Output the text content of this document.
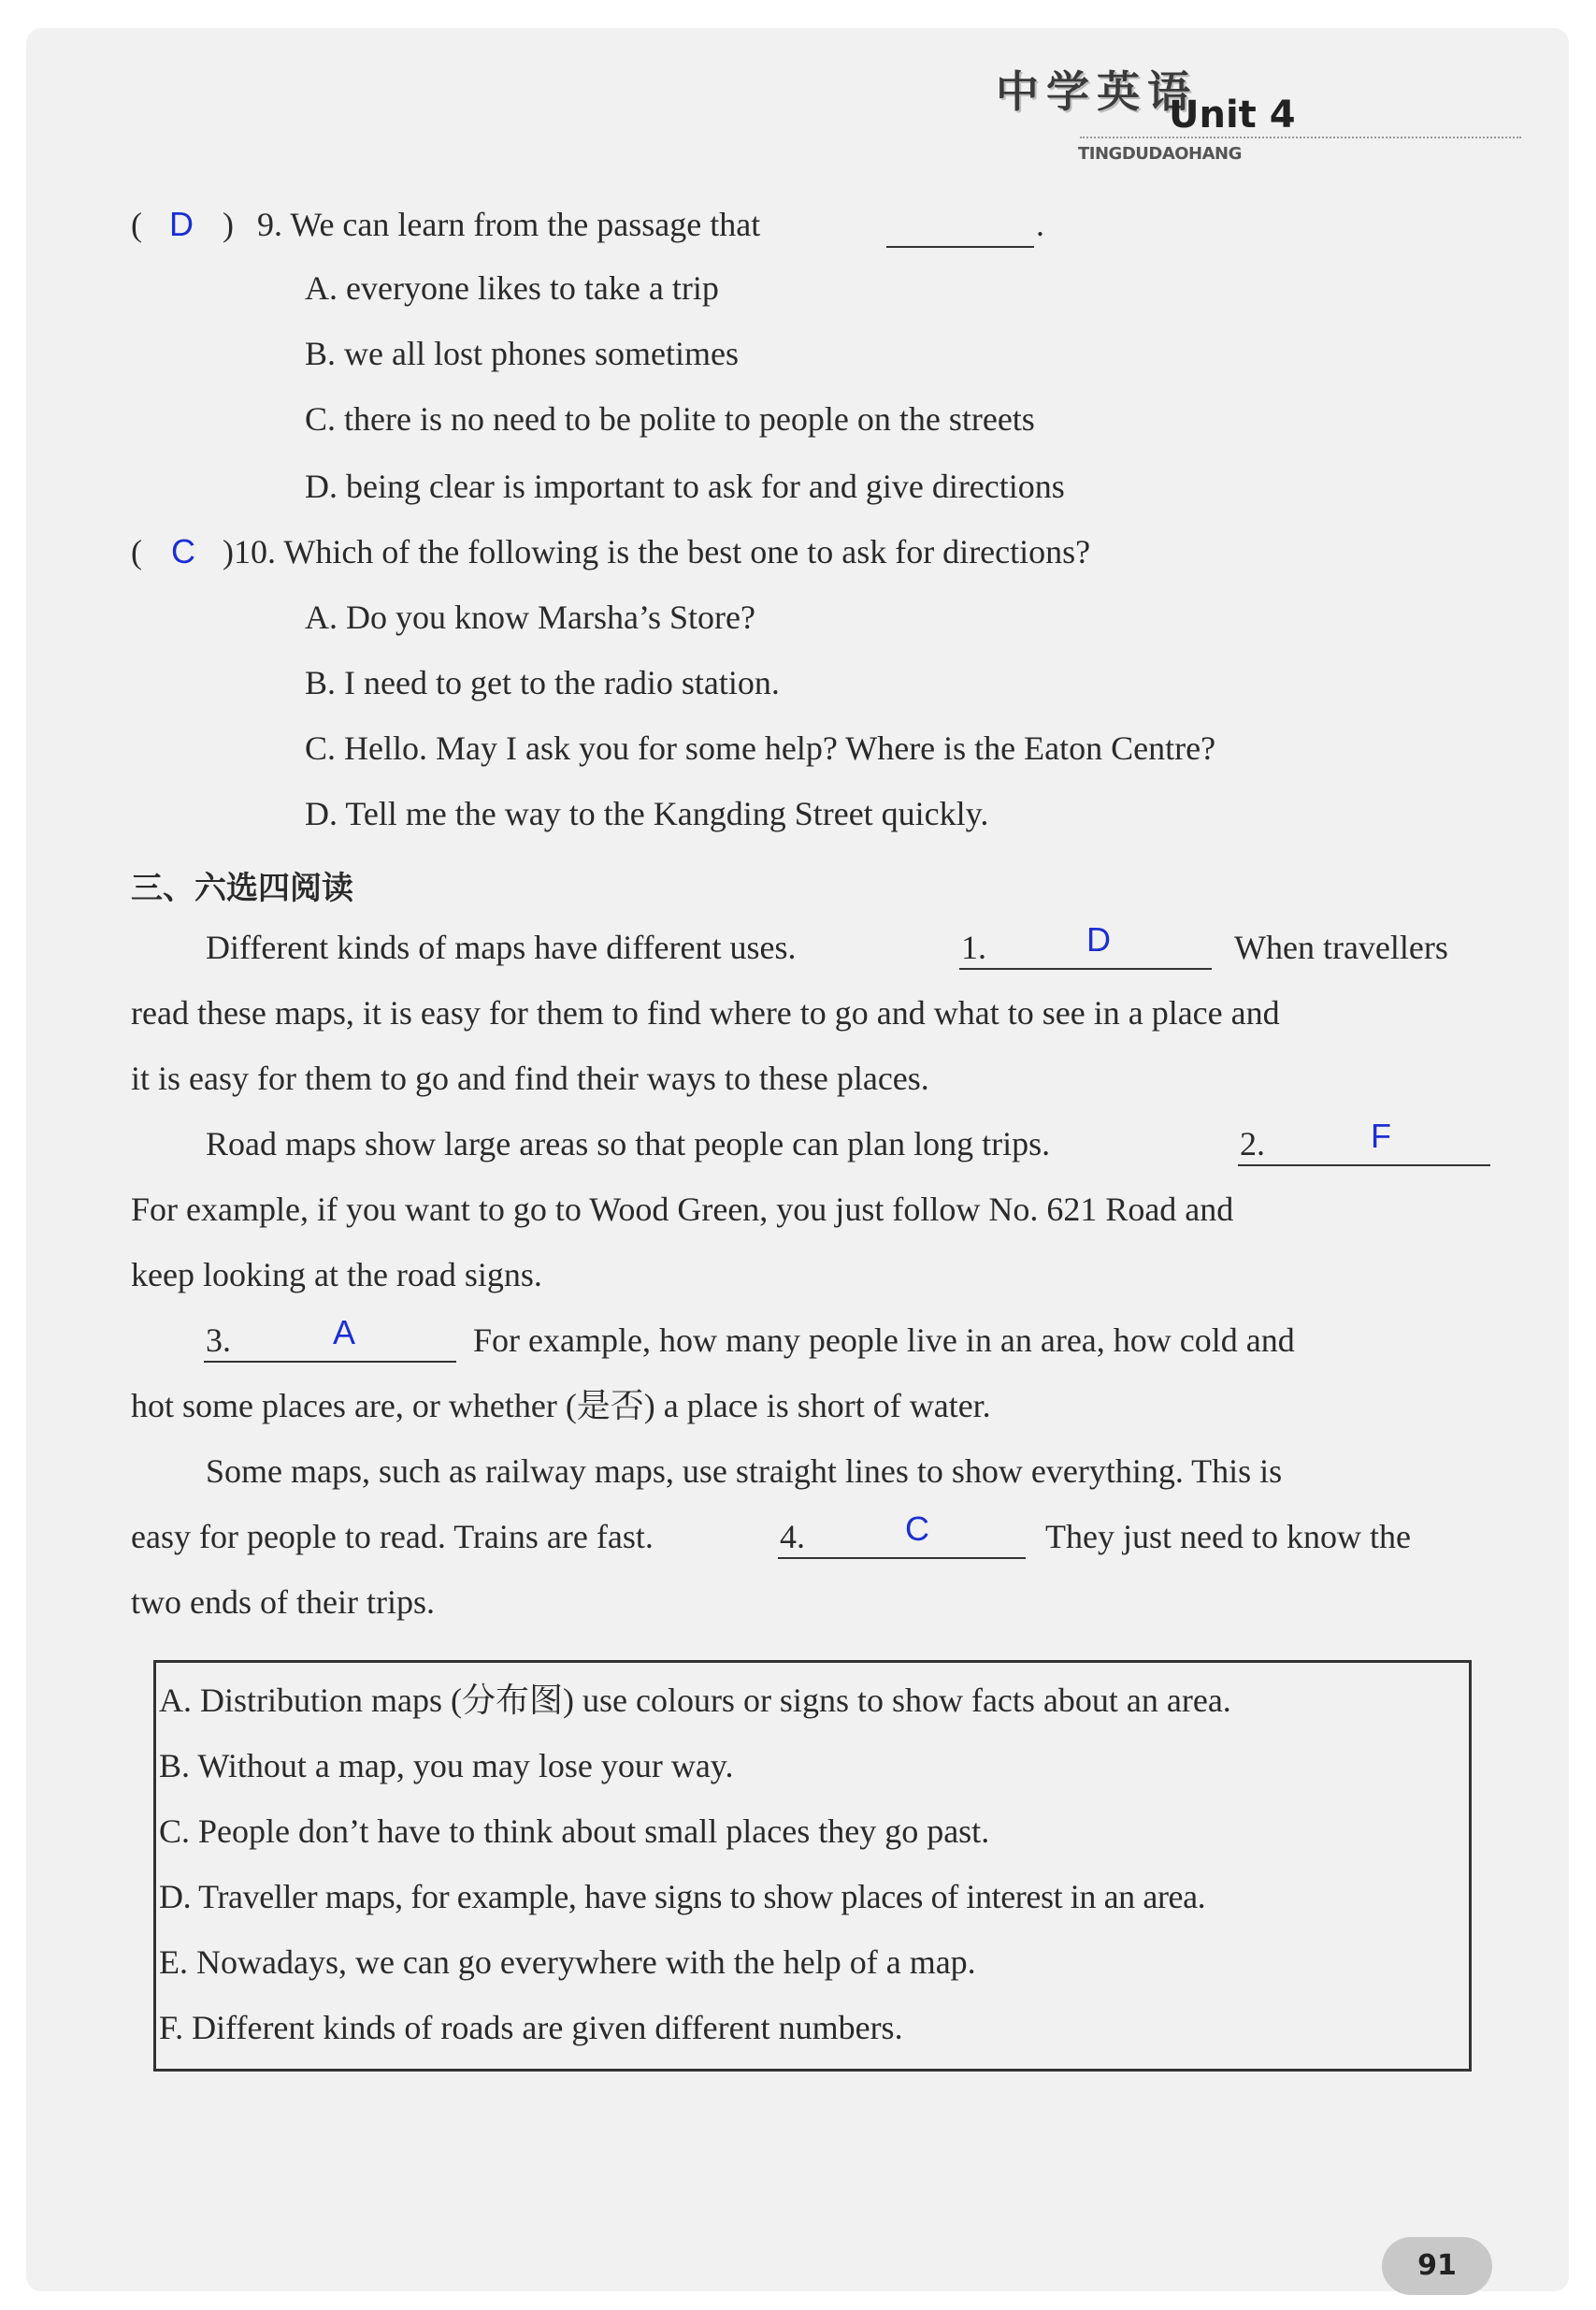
中学英语
Unit 4
TINGDUDAOHANG
( D ) 9. We can learn from the passage that	.
A. everyone likes to take a trip
B. we all lost phones sometimes
C. there is no need to be polite to people on the streets
D. being clear is important to ask for and give directions
( C )10. Which of the following is the best one to ask for directions?
A. Do you know Marsha’s Store?
B. I need to get to the radio station.
C. Hello. May I ask you for some help? Where is the Eaton Centre?
D. Tell me the way to the Kangding Street quickly.
三、六选四阅读
Different kinds of maps have different uses.	1.	D	When travellers
read these maps, it is easy for them to find where to go and what to see in a place and
it is easy for them to go and find their ways to these places.
Road maps show large areas so that people can plan long trips.	2.	F
For example, if you want to go to Wood Green, you just follow No. 621 Road and
keep looking at the road signs.
3.	A	For example, how many people live in an area, how cold and
hot some places are, or whether (是否) a place is short of water.
Some maps, such as railway maps, use straight lines to show everything. This is
easy for people to read. Trains are fast.	4.	C	They just need to know the
two ends of their trips.
A. Distribution maps (分布图) use colours or signs to show facts about an area.
B. Without a map, you may lose your way.
C. People don’t have to think about small places they go past.
D. Traveller maps, for example, have signs to show places of interest in an area.
E. Nowadays, we can go everywhere with the help of a map.
F. Different kinds of roads are given different numbers.
91
